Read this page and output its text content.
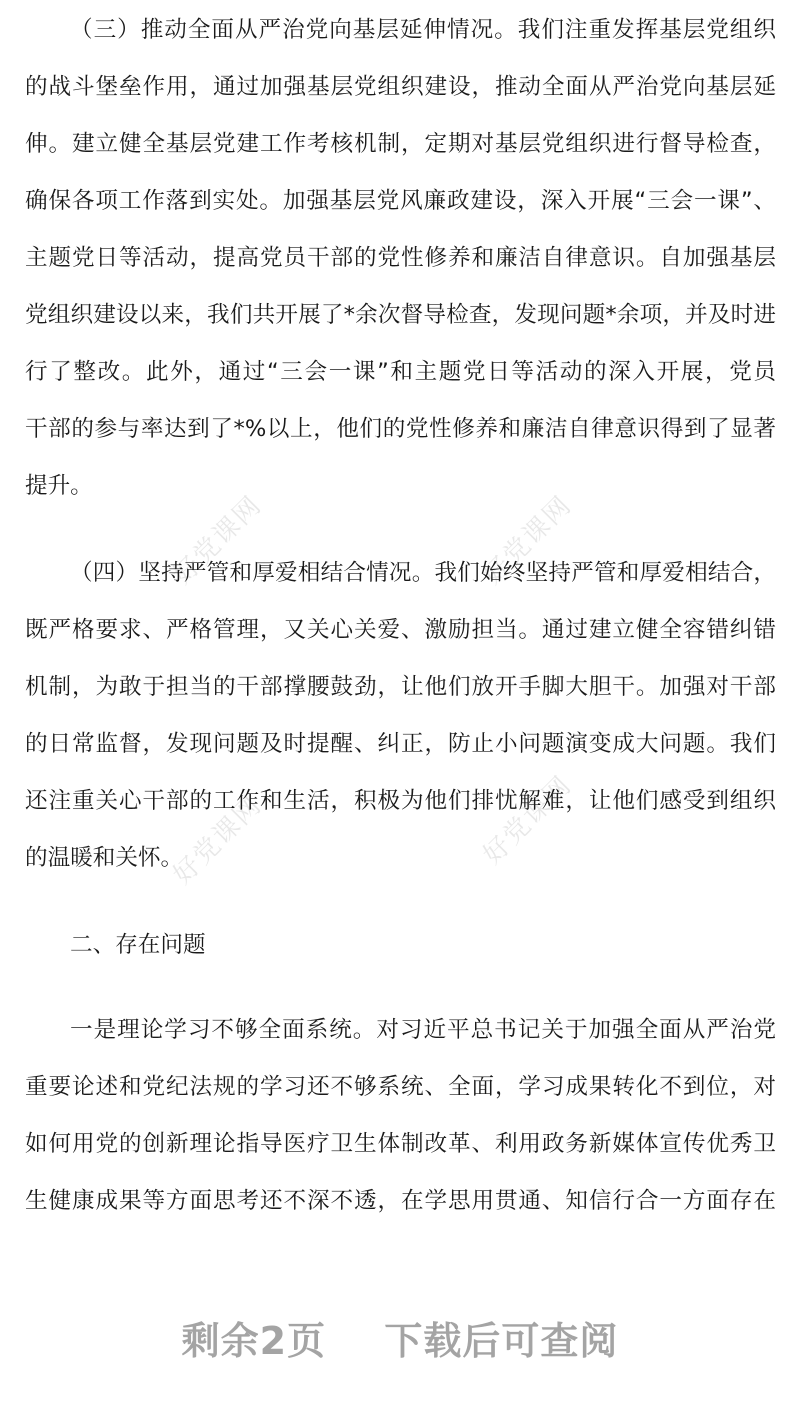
好党课网	好党课网
好党课网	好党课网
（三）推动全面从严治党向基层延伸情况。我们注重发挥基层党组织
的战斗堡垒作用，通过加强基层党组织建设，推动全面从严治党向基层延
伸。建立健全基层党建工作考核机制，定期对基层党组织进行督导检查，
确保各项工作落到实处。加强基层党风廉政建设，深入开展“三会一课”、
主题党日等活动，提高党员干部的党性修养和廉洁自律意识。自加强基层
党组织建设以来，我们共开展了*余次督导检查，发现问题*余项，并及时进
行了整改。此外，通过“三会一课”和主题党日等活动的深入开展，党员
干部的参与率达到了*%以上，他们的党性修养和廉洁自律意识得到了显著
提升。
（四）坚持严管和厚爱相结合情况。我们始终坚持严管和厚爱相结合，
既严格要求、严格管理，又关心关爱、激励担当。通过建立健全容错纠错
机制，为敢于担当的干部撑腰鼓劲，让他们放开手脚大胆干。加强对干部
的日常监督，发现问题及时提醒、纠正，防止小问题演变成大问题。我们
还注重关心干部的工作和生活，积极为他们排忧解难，让他们感受到组织
的温暖和关怀。
二、存在问题
一是理论学习不够全面系统。对习近平总书记关于加强全面从严治党
重要论述和党纪法规的学习还不够系统、全面，学习成果转化不到位，对
如何用党的创新理论指导医疗卫生体制改革、利用政务新媒体宣传优秀卫
生健康成果等方面思考还不深不透，在学思用贯通、知信行合一方面存在
剩余2页 下载后可查阅
